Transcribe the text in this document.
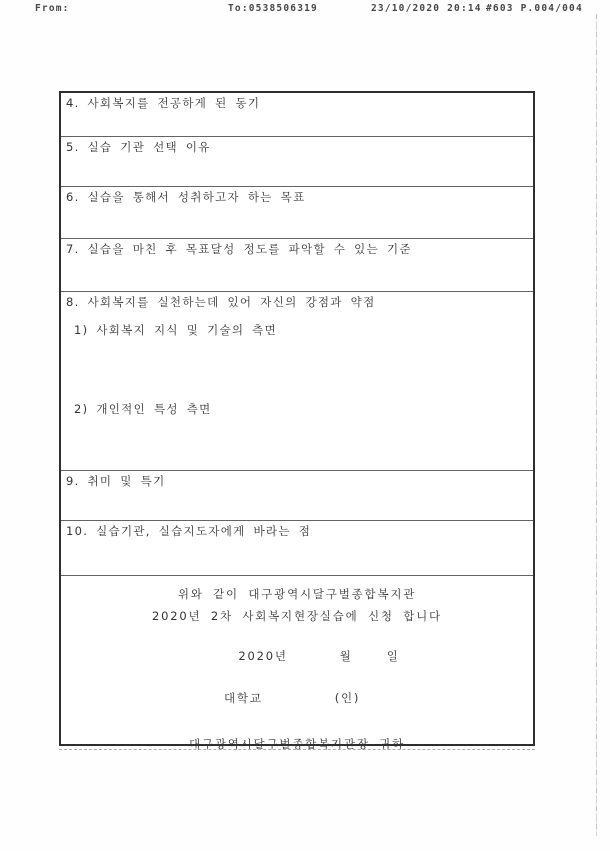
From:	To:0538506319	23/10/2020 20:14 #603 P.004/004
4. 사회복지를 전공하게 된 동기
5. 실습 기관 선택 이유
6. 실습을 통해서 성취하고자 하는 목표
7. 실습을 마친 후 목표달성 정도를 파악할 수 있는 기준
8. 사회복지를 실천하는데 있어 자신의 강점과 약점
1) 사회복지 지식 및 기술의 측면
2) 개인적인 특성 측면
9. 취미 및 특기
10. 실습기관, 실습지도자에게 바라는 점
위와 같이 대구광역시달구벌종합복지관
2020년 2차 사회복지현장실습에 신청 합니다
2020년	월	일
대학교	(인)
대구광역시달구벌종합복지관장 귀하
